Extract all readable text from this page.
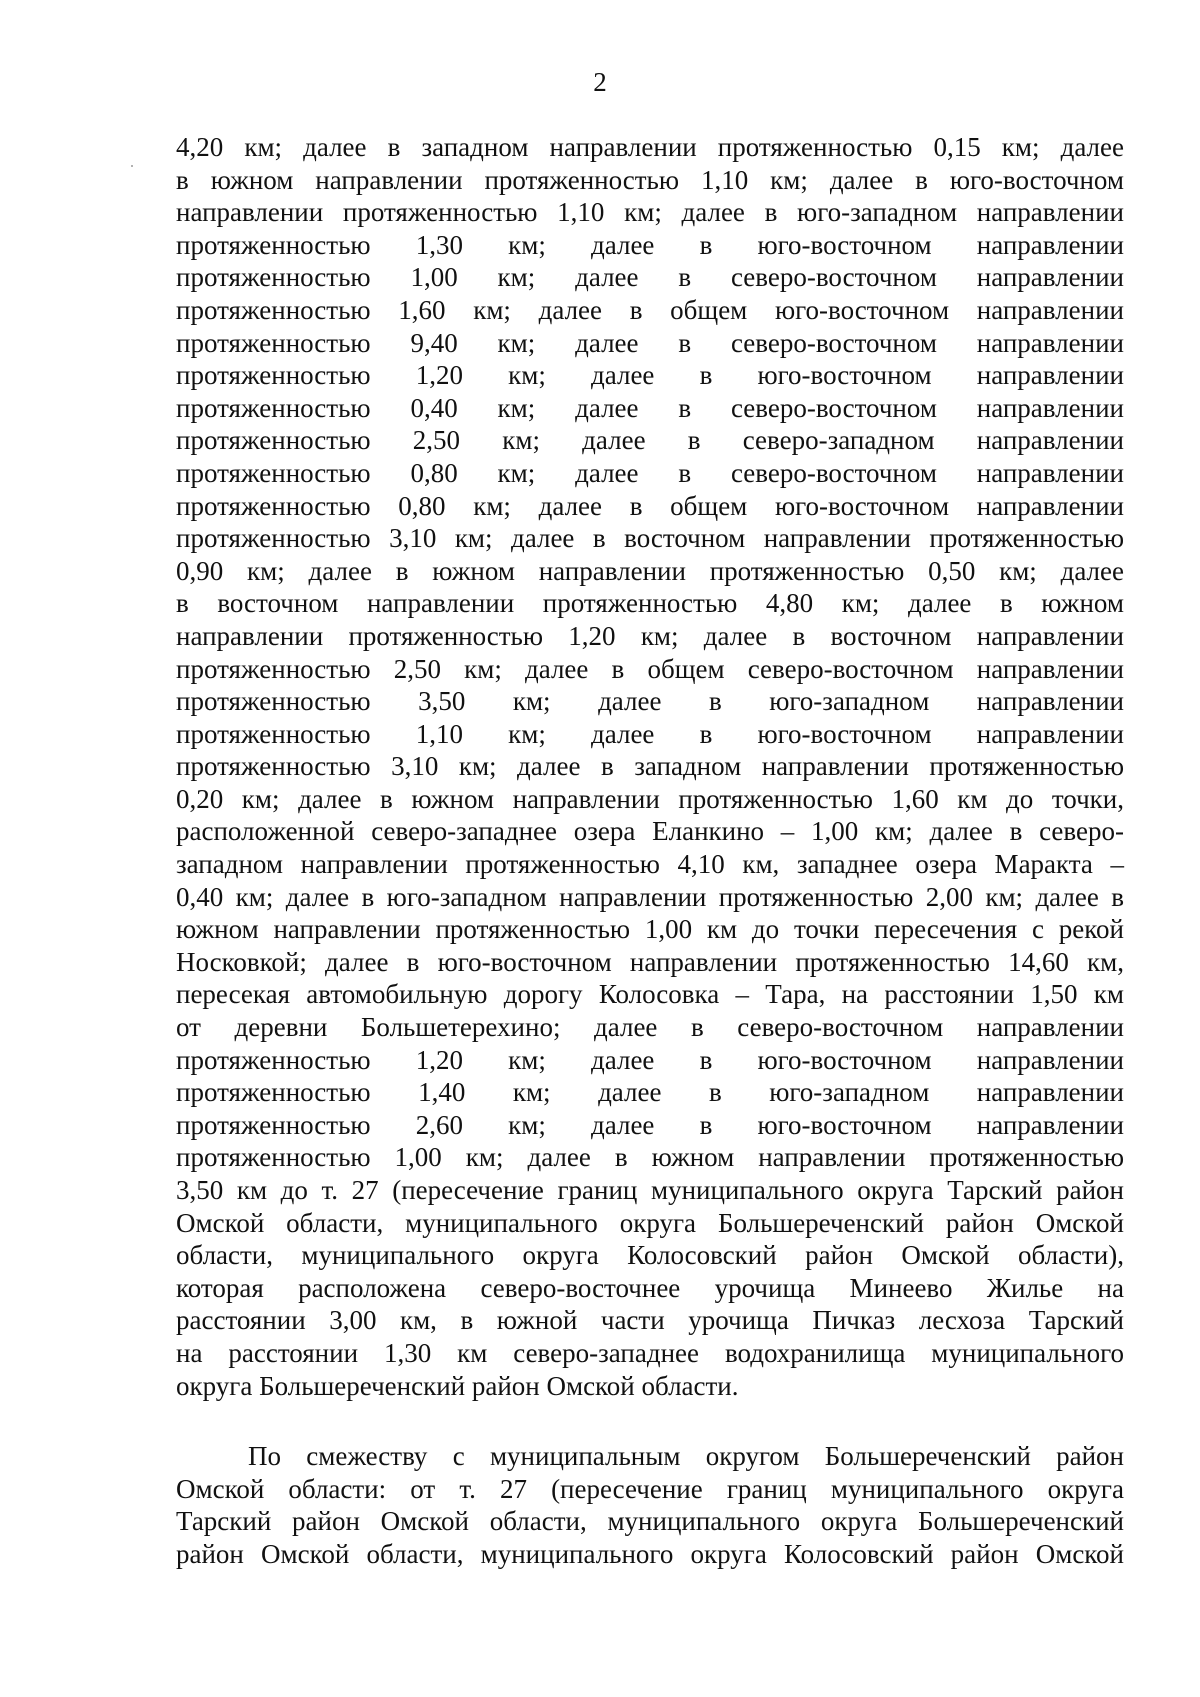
2
4,20 км; далее в западном направлении протяженностью 0,15 км; далее
в южном направлении протяженностью 1,10 км; далее в юго-восточном
направлении протяженностью 1,10 км; далее в юго-западном направлении
протяженностью 1,30 км; далее в юго-восточном направлении
протяженностью 1,00 км; далее в северо-восточном направлении
протяженностью 1,60 км; далее в общем юго-восточном направлении
протяженностью 9,40 км; далее в северо-восточном направлении
протяженностью 1,20 км; далее в юго-восточном направлении
протяженностью 0,40 км; далее в северо-восточном направлении
протяженностью 2,50 км; далее в северо-западном направлении
протяженностью 0,80 км; далее в северо-восточном направлении
протяженностью 0,80 км; далее в общем юго-восточном направлении
протяженностью 3,10 км; далее в восточном направлении протяженностью
0,90 км; далее в южном направлении протяженностью 0,50 км; далее
в восточном направлении протяженностью 4,80 км; далее в южном
направлении протяженностью 1,20 км; далее в восточном направлении
протяженностью 2,50 км; далее в общем северо-восточном направлении
протяженностью 3,50 км; далее в юго-западном направлении
протяженностью 1,10 км; далее в юго-восточном направлении
протяженностью 3,10 км; далее в западном направлении протяженностью
0,20 км; далее в южном направлении протяженностью 1,60 км до точки,
расположенной северо-западнее озера Еланкино – 1,00 км; далее в северо-
западном направлении протяженностью 4,10 км, западнее озера Маракта –
0,40 км; далее в юго-западном направлении протяженностью 2,00 км; далее в
южном направлении протяженностью 1,00 км до точки пересечения с рекой
Носковкой; далее в юго-восточном направлении протяженностью 14,60 км,
пересекая автомобильную дорогу Колосовка – Тара, на расстоянии 1,50 км
от деревни Большетерехино; далее в северо-восточном направлении
протяженностью 1,20 км; далее в юго-восточном направлении
протяженностью 1,40 км; далее в юго-западном направлении
протяженностью 2,60 км; далее в юго-восточном направлении
протяженностью 1,00 км; далее в южном направлении протяженностью
3,50 км до т. 27 (пересечение границ муниципального округа Тарский район
Омской области, муниципального округа Большереченский район Омской
области, муниципального округа Колосовский район Омской области),
которая расположена северо-восточнее урочища Минеево Жилье на
расстоянии 3,00 км, в южной части урочища Пичказ лесхоза Тарский
на расстоянии 1,30 км северо-западнее водохранилища муниципального
округа Большереченский район Омской области.
По смежеству с муниципальным округом Большереченский район
Омской области: от т. 27 (пересечение границ муниципального округа
Тарский район Омской области, муниципального округа Большереченский
район Омской области, муниципального округа Колосовский район Омской
